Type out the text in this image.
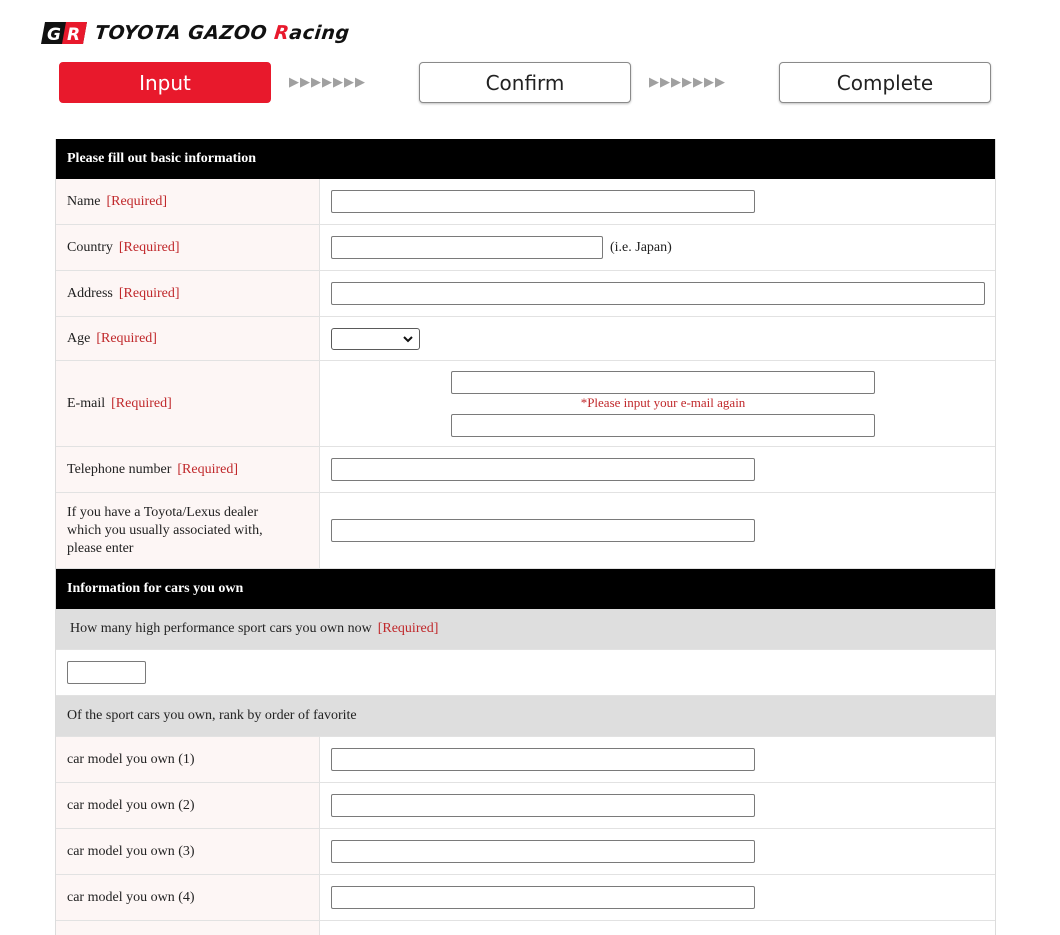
G R TOYOTA GAZOO Racing
Input	▶▶▶▶▶▶▶	Confirm	▶▶▶▶▶▶▶	Complete
Please fill out basic information
Name [Required]
Country [Required]	(i.e. Japan)
Address [Required]
Age [Required]
E-mail [Required]	*Please input your e-mail again
Telephone number [Required]
If you have a Toyota/Lexus dealer
which you usually associated with,
please enter
Information for cars you own
How many high performance sport cars you own now [Required]
Of the sport cars you own, rank by order of favorite
car model you own (1)
car model you own (2)
car model you own (3)
car model you own (4)
